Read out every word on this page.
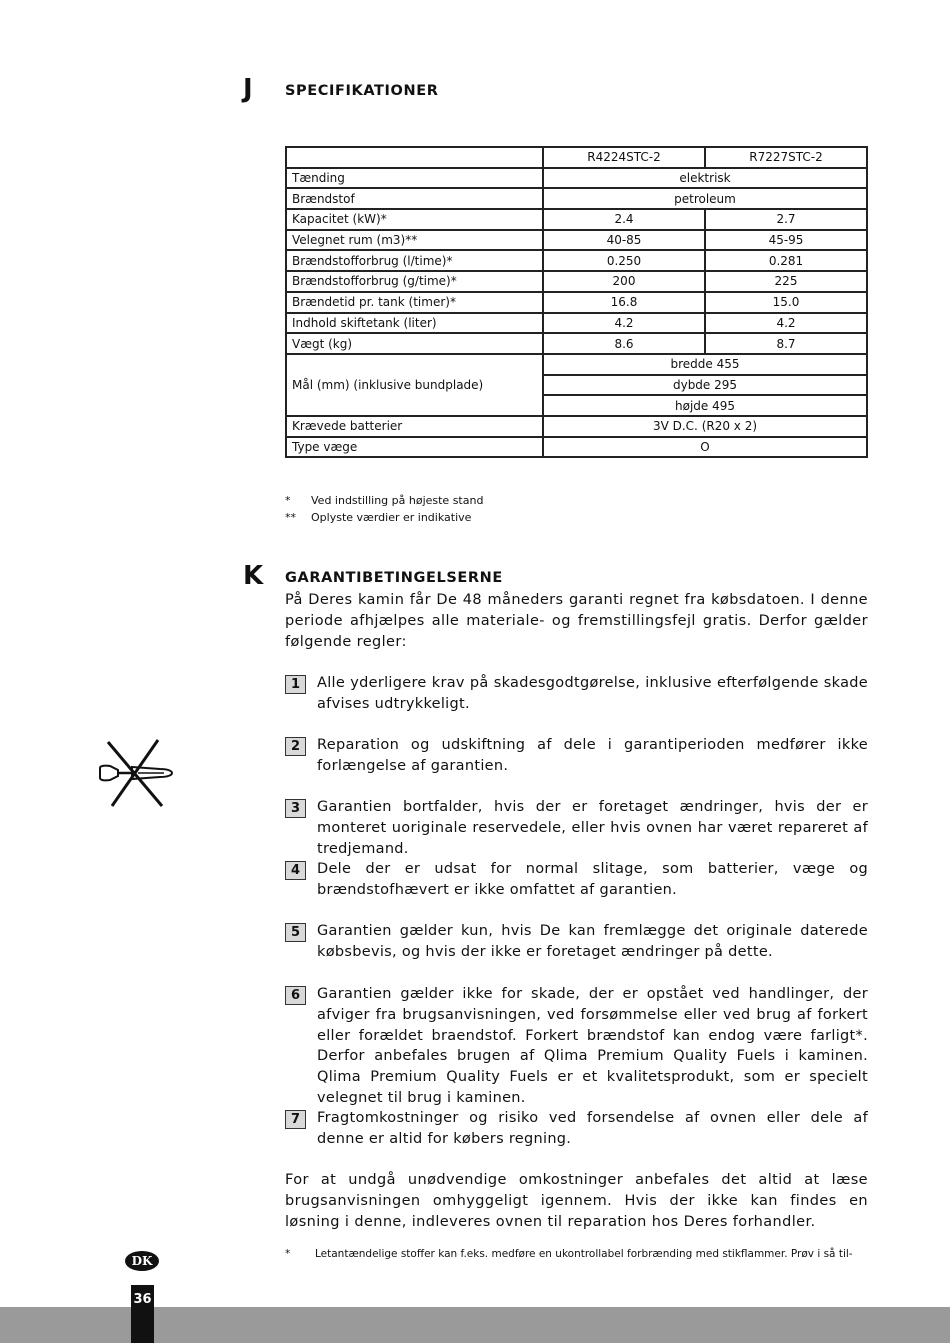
J SPECIFIKATIONER
	R4224STC-2	R7227STC-2
Tænding	elektrisk	
Brændstof	petroleum	
Kapacitet (kW)*	2.4	2.7
Velegnet rum (m3)**	40-85	45-95
Brændstofforbrug (l/time)*	0.250	0.281
Brændstofforbrug (g/time)*	200	225
Brændetid pr. tank (timer)*	16.8	15.0
Indhold skiftetank (liter)	4.2	4.2
Vægt (kg)	8.6	8.7
Mål (mm) (inklusive bundplade)	bredde 455	
	dybde 295	
	højde 495	
Krævede batterier	3V D.C. (R20 x 2)	
Type væge	O	
* Ved indstilling på højeste stand
** Oplyste værdier er indikative
K GARANTIBETINGELSERNE
På Deres kamin får De 48 måneders garanti regnet fra købsdatoen. I denne periode afhjælpes alle materiale- og fremstillingsfejl gratis. Derfor gælder følgende regler:
1	Alle yderligere krav på skadesgodtgørelse, inklusive efterfølgende skade afvises udtrykkeligt.
2	Reparation og udskiftning af dele i garantiperioden medfører ikke forlængelse af garantien.
3	Garantien bortfalder, hvis der er foretaget ændringer, hvis der er monteret uoriginale reservedele, eller hvis ovnen har været repareret af tredjemand.
4	Dele der er udsat for normal slitage, som batterier, væge og brændstofhævert er ikke omfattet af garantien.
5	Garantien gælder kun, hvis De kan fremlægge det originale daterede købsbevis, og hvis der ikke er foretaget ændringer på dette.
6	Garantien gælder ikke for skade, der er opstået ved handlinger, der afviger fra brugsanvisningen, ved forsømmelse eller ved brug af forkert eller forældet braendstof. Forkert brændstof kan endog være farligt*. Derfor anbefales brugen af Qlima Premium Quality Fuels i kaminen. Qlima Premium Quality Fuels er et kvalitetsprodukt, som er specielt velegnet til brug i kaminen.
7	Fragtomkostninger og risiko ved forsendelse af ovnen eller dele af denne er altid for købers regning.
For at undgå unødvendige omkostninger anbefales det altid at læse brugsanvisningen omhyggeligt igennem. Hvis der ikke kan findes en løsning i denne, indleveres ovnen til reparation hos Deres forhandler.
* Letantændelige stoffer kan f.eks. medføre en ukontrollabel forbrænding med stikflammer. Prøv i så til-
DK
36
